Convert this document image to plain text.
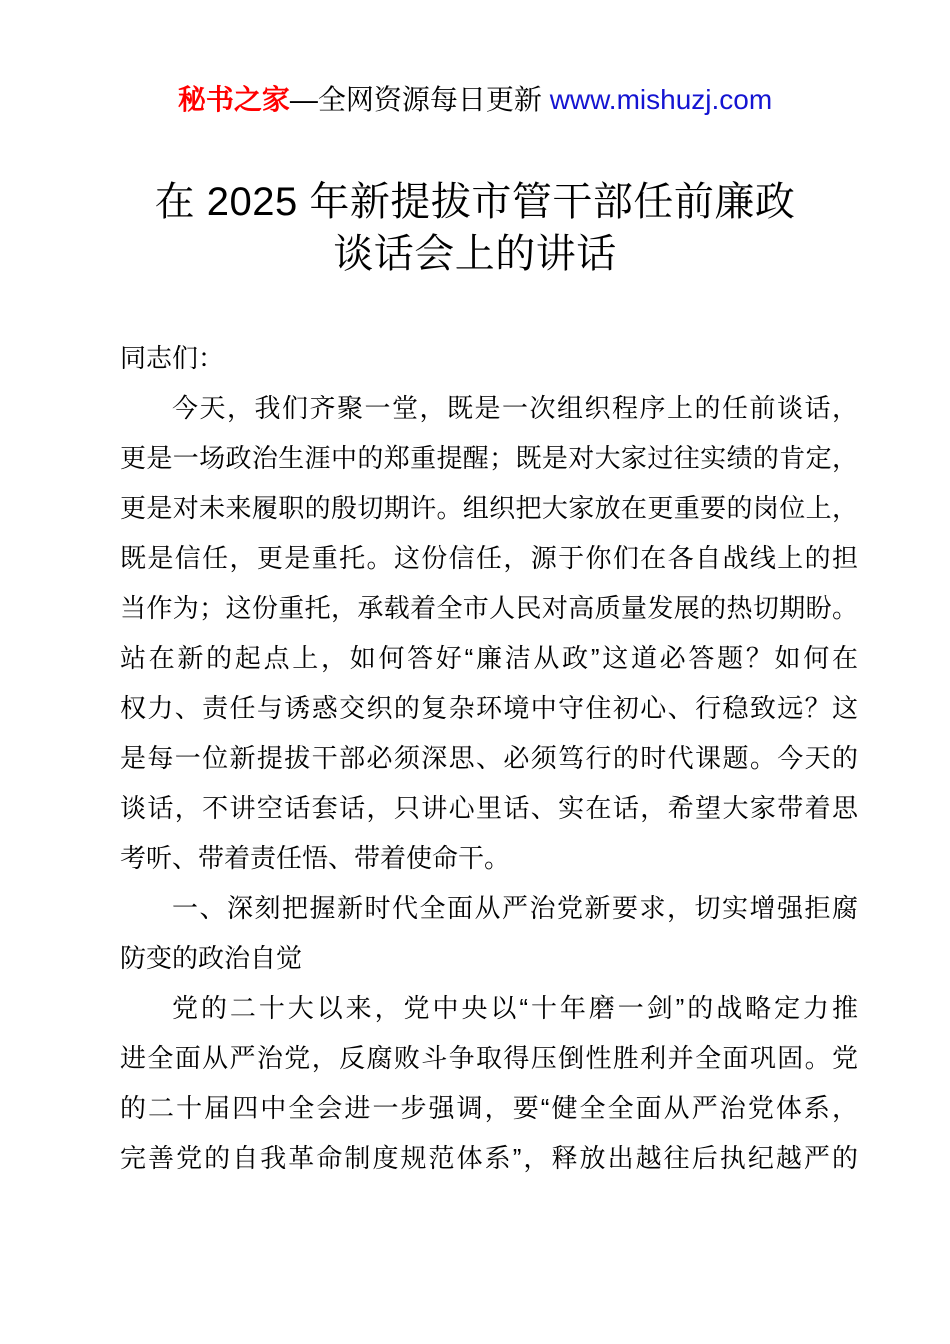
秘书之家—全网资源每日更新 www.mishuzj.com
在 2025 年新提拔市管干部任前廉政
谈话会上的讲话

同志们：

今天，我们齐聚一堂，既是一次组织程序上的任前谈话，
更是一场政治生涯中的郑重提醒；既是对大家过往实绩的肯定，
更是对未来履职的殷切期许。组织把大家放在更重要的岗位上，
既是信任，更是重托。这份信任，源于你们在各自战线上的担
当作为；这份重托，承载着全市人民对高质量发展的热切期盼。
站在新的起点上，如何答好“廉洁从政”这道必答题？如何在
权力、责任与诱惑交织的复杂环境中守住初心、行稳致远？这
是每一位新提拔干部必须深思、必须笃行的时代课题。今天的
谈话，不讲空话套话，只讲心里话、实在话，希望大家带着思
考听、带着责任悟、带着使命干。

一、深刻把握新时代全面从严治党新要求，切实增强拒腐
防变的政治自觉

党的二十大以来，党中央以“十年磨一剑”的战略定力推
进全面从严治党，反腐败斗争取得压倒性胜利并全面巩固。党
的二十届四中全会进一步强调，要“健全全面从严治党体系，
完善党的自我革命制度规范体系”，释放出越往后执纪越严的
